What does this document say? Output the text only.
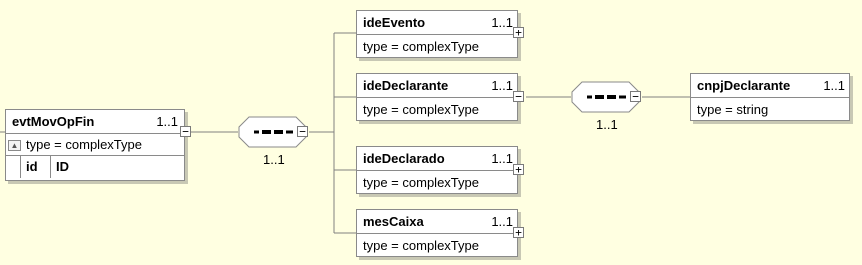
1..1
−	1..1
−
evtMovOpFin	1..1
▲ type = complexType
id	ID
−
ideEvento	1..1
type = complexType
+
ideDeclarante	1..1
type = complexType
−
ideDeclarado	1..1
type = complexType
+
mesCaixa	1..1
type = complexType
+
cnpjDeclarante	1..1
type = string
